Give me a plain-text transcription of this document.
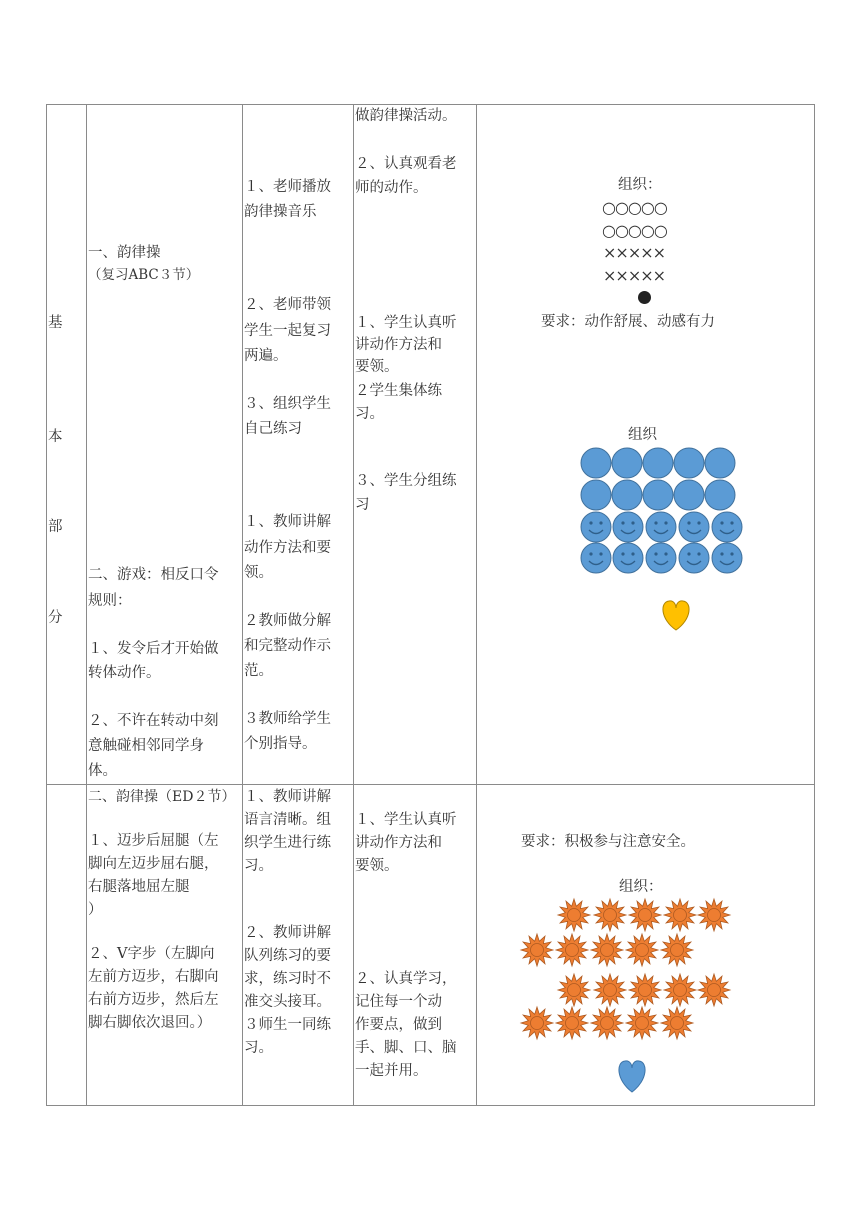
基
本
部
分
一、韵律操
（复习ABC３节）
二、游戏：相反口令
规则：
１、发令后才开始做
转体动作。
２、不许在转动中刻
意触碰相邻同学身
体。
１、老师播放
韵律操音乐
２、老师带领
学生一起复习
两遍。
３、组织学生
自己练习
１、教师讲解
动作方法和要
领。
２教师做分解
和完整动作示
范。
３教师给学生
个别指导。
做韵律操活动。
２、认真观看老
师的动作。
１、学生认真听
讲动作方法和
要领。
２学生集体练
习。
３、学生分组练
习
组织：
○○○○○
○○○○○
×××××
×××××
要求：动作舒展、动感有力
组织
二、韵律操（ED２节）
１、迈步后屈腿（左
脚向左迈步屈右腿，
右腿落地屈左腿
）
２、V字步（左脚向
左前方迈步，右脚向
右前方迈步，然后左
脚右脚依次退回。）
１、教师讲解
语言清晰。组
织学生进行练
习。
２、教师讲解
队列练习的要
求，练习时不
准交头接耳。
３师生一同练
习。
１、学生认真听
讲动作方法和
要领。
２、认真学习，
记住每一个动
作要点，做到
手、脚、口、脑
一起并用。
要求：积极参与注意安全。
组织：
